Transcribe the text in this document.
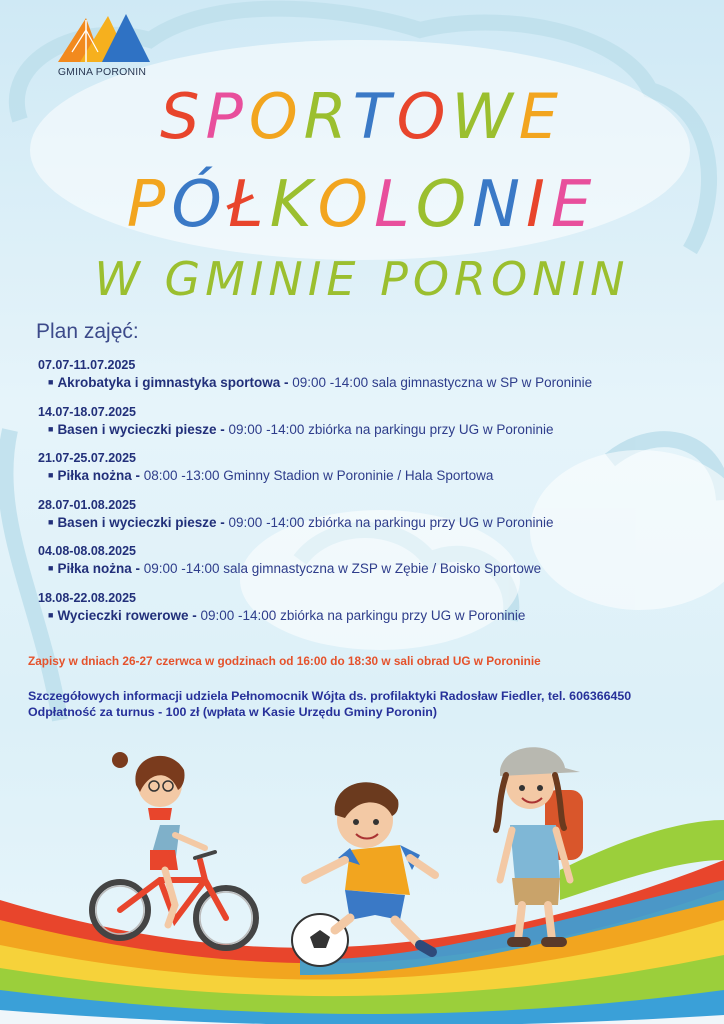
GMINA PORONIN
SPORTOWE
PÓŁKOLONIE
W GMINIE PORONIN
Plan zajęć:
07.07-11.07.2025
■ Akrobatyka i gimnastyka sportowa - 09:00 -14:00 sala gimnastyczna w SP w Poroninie
14.07-18.07.2025
■ Basen i wycieczki piesze - 09:00 -14:00 zbiórka na parkingu przy UG w Poroninie
21.07-25.07.2025
■ Piłka nożna - 08:00 -13:00 Gminny Stadion w Poroninie / Hala Sportowa
28.07-01.08.2025
■ Basen i wycieczki piesze - 09:00 -14:00 zbiórka na parkingu przy UG w Poroninie
04.08-08.08.2025
■ Piłka nożna - 09:00 -14:00 sala gimnastyczna w ZSP w Zębie / Boisko Sportowe
18.08-22.08.2025
■ Wycieczki rowerowe - 09:00 -14:00 zbiórka na parkingu przy UG w Poroninie
Zapisy w dniach 26-27 czerwca w godzinach od 16:00 do 18:30 w sali obrad UG w Poroninie
Szczegółowych informacji udziela Pełnomocnik Wójta ds. profilaktyki Radosław Fiedler, tel. 606366450
Odpłatność za turnus - 100 zł (wpłata w Kasie Urzędu Gminy Poronin)
